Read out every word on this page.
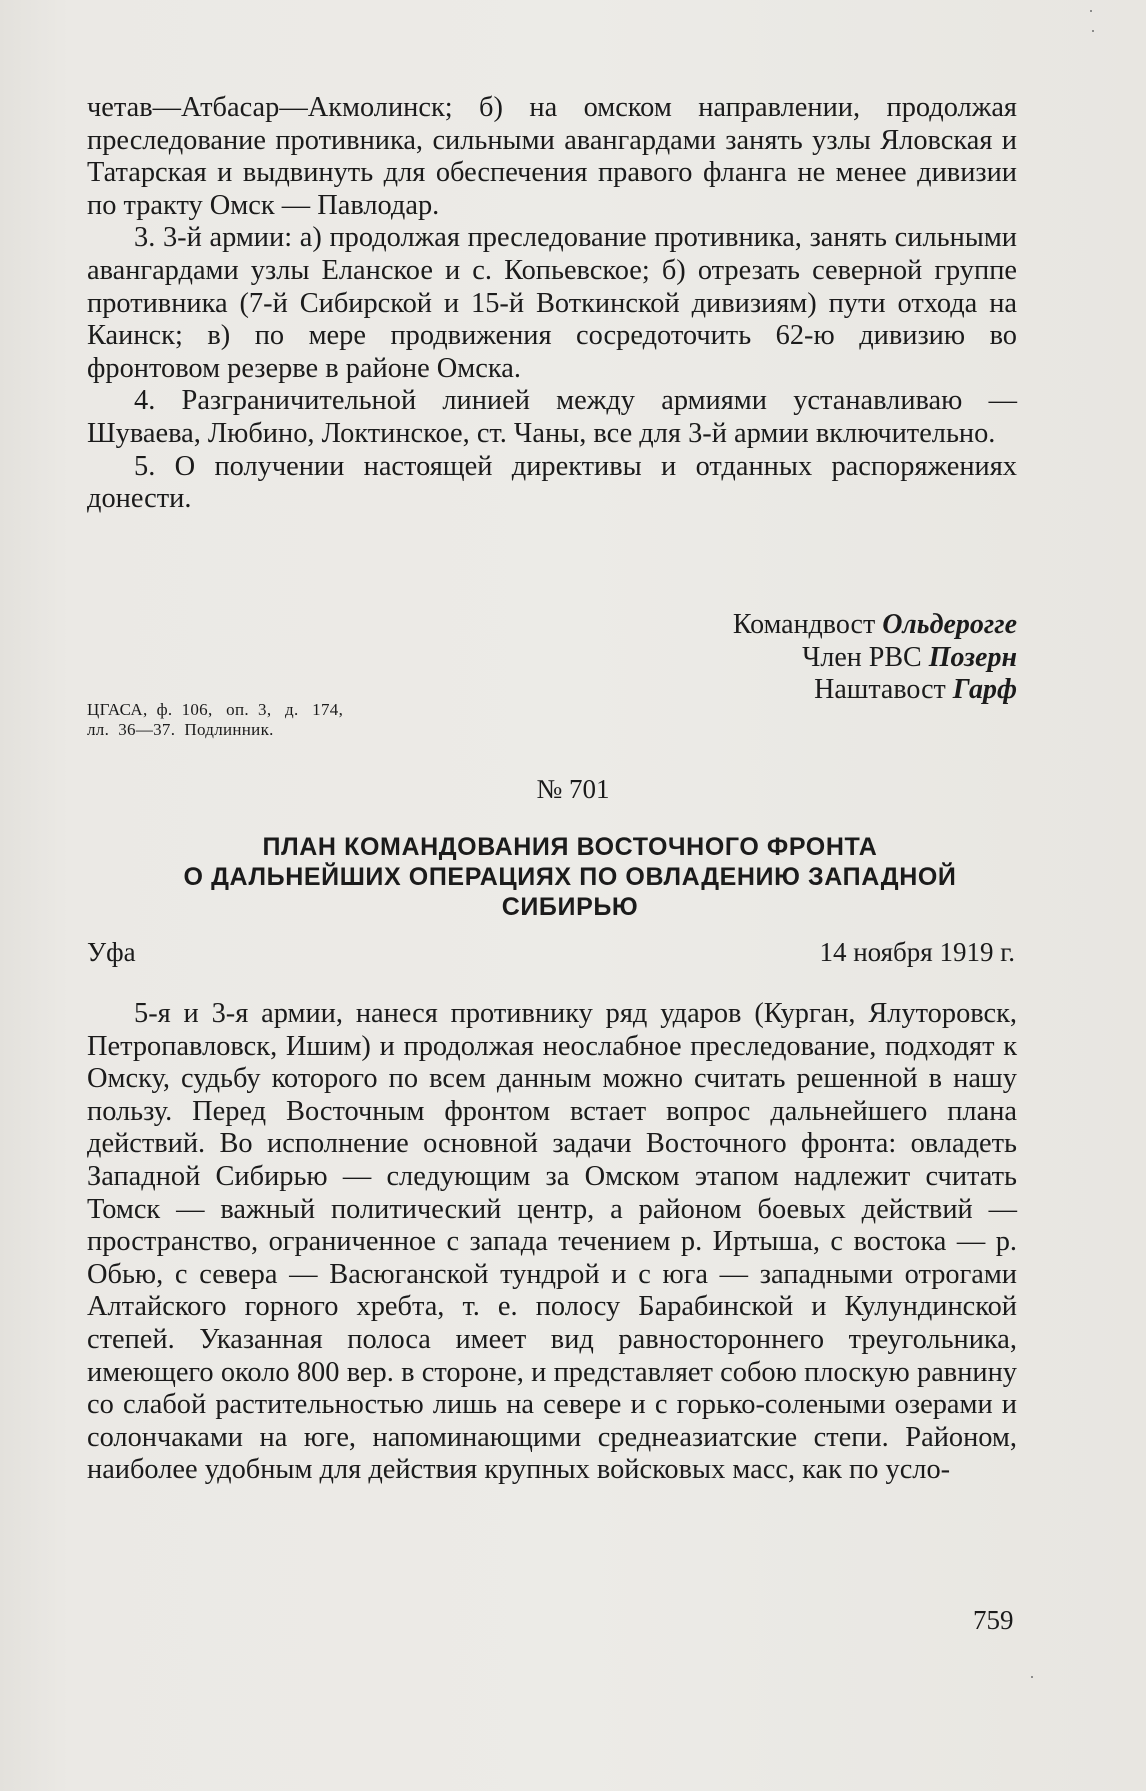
четав—Атбасар—Акмолинск; б) на омском направлении, продолжая преследование противника, сильными авангардами занять узлы Яловская и Татарская и выдвинуть для обеспечения правого фланга не менее дивизии по тракту Омск — Павлодар.

3. 3-й армии: а) продолжая преследование противника, занять сильными авангардами узлы Еланское и с. Копьевское; б) отрезать северной группе противника (7-й Сибирской и 15-й Воткинской дивизиям) пути отхода на Каинск; в) по мере продвижения сосредоточить 62-ю дивизию во фронтовом резерве в районе Омска.

4. Разграничительной линией между армиями устанавливаю — Шуваева, Любино, Локтинское, ст. Чаны, все для 3-й армии включительно.

5. О получении настоящей директивы и отданных распоряжениях донести.

Командвост Ольдерогге
Член РВС Позерн
Наштавост Гарф
ЦГАСА,  ф.  106,   оп.  3,   д.   174,
лл.  36—37.  Подлинник.
№ 701
ПЛАН КОМАНДОВАНИЯ ВОСТОЧНОГО ФРОНТА
О ДАЛЬНЕЙШИХ ОПЕРАЦИЯХ ПО ОВЛАДЕНИЮ ЗАПАДНОЙ
СИБИРЬЮ
Уфа	14 ноября 1919 г.

5-я и 3-я армии, нанеся противнику ряд ударов (Курган, Ялуторовск, Петропавловск, Ишим) и продолжая неослабное преследование, подходят к Омску, судьбу которого по всем данным можно считать решенной в нашу пользу. Перед Восточным фронтом встает вопрос дальнейшего плана действий. Во исполнение основной задачи Восточного фронта: овладеть Западной Сибирью — следующим за Омском этапом надлежит считать Томск — важный политический центр, а районом боевых действий — пространство, ограниченное с запада течением р. Иртыша, с востока — р. Обью, с севера — Васюганской тундрой и с юга — западными отрогами Алтайского горного хребта, т. е. полосу Барабинской и Кулундинской степей. Указанная полоса имеет вид равностороннего треугольника, имеющего около 800 вер. в стороне, и представляет собою плоскую равнину со слабой растительностью лишь на севере и с горько-солеными озерами и солончаками на юге, напоминающими среднеазиатские степи. Районом, наиболее удобным для действия крупных войсковых масс, как по усло-

759
